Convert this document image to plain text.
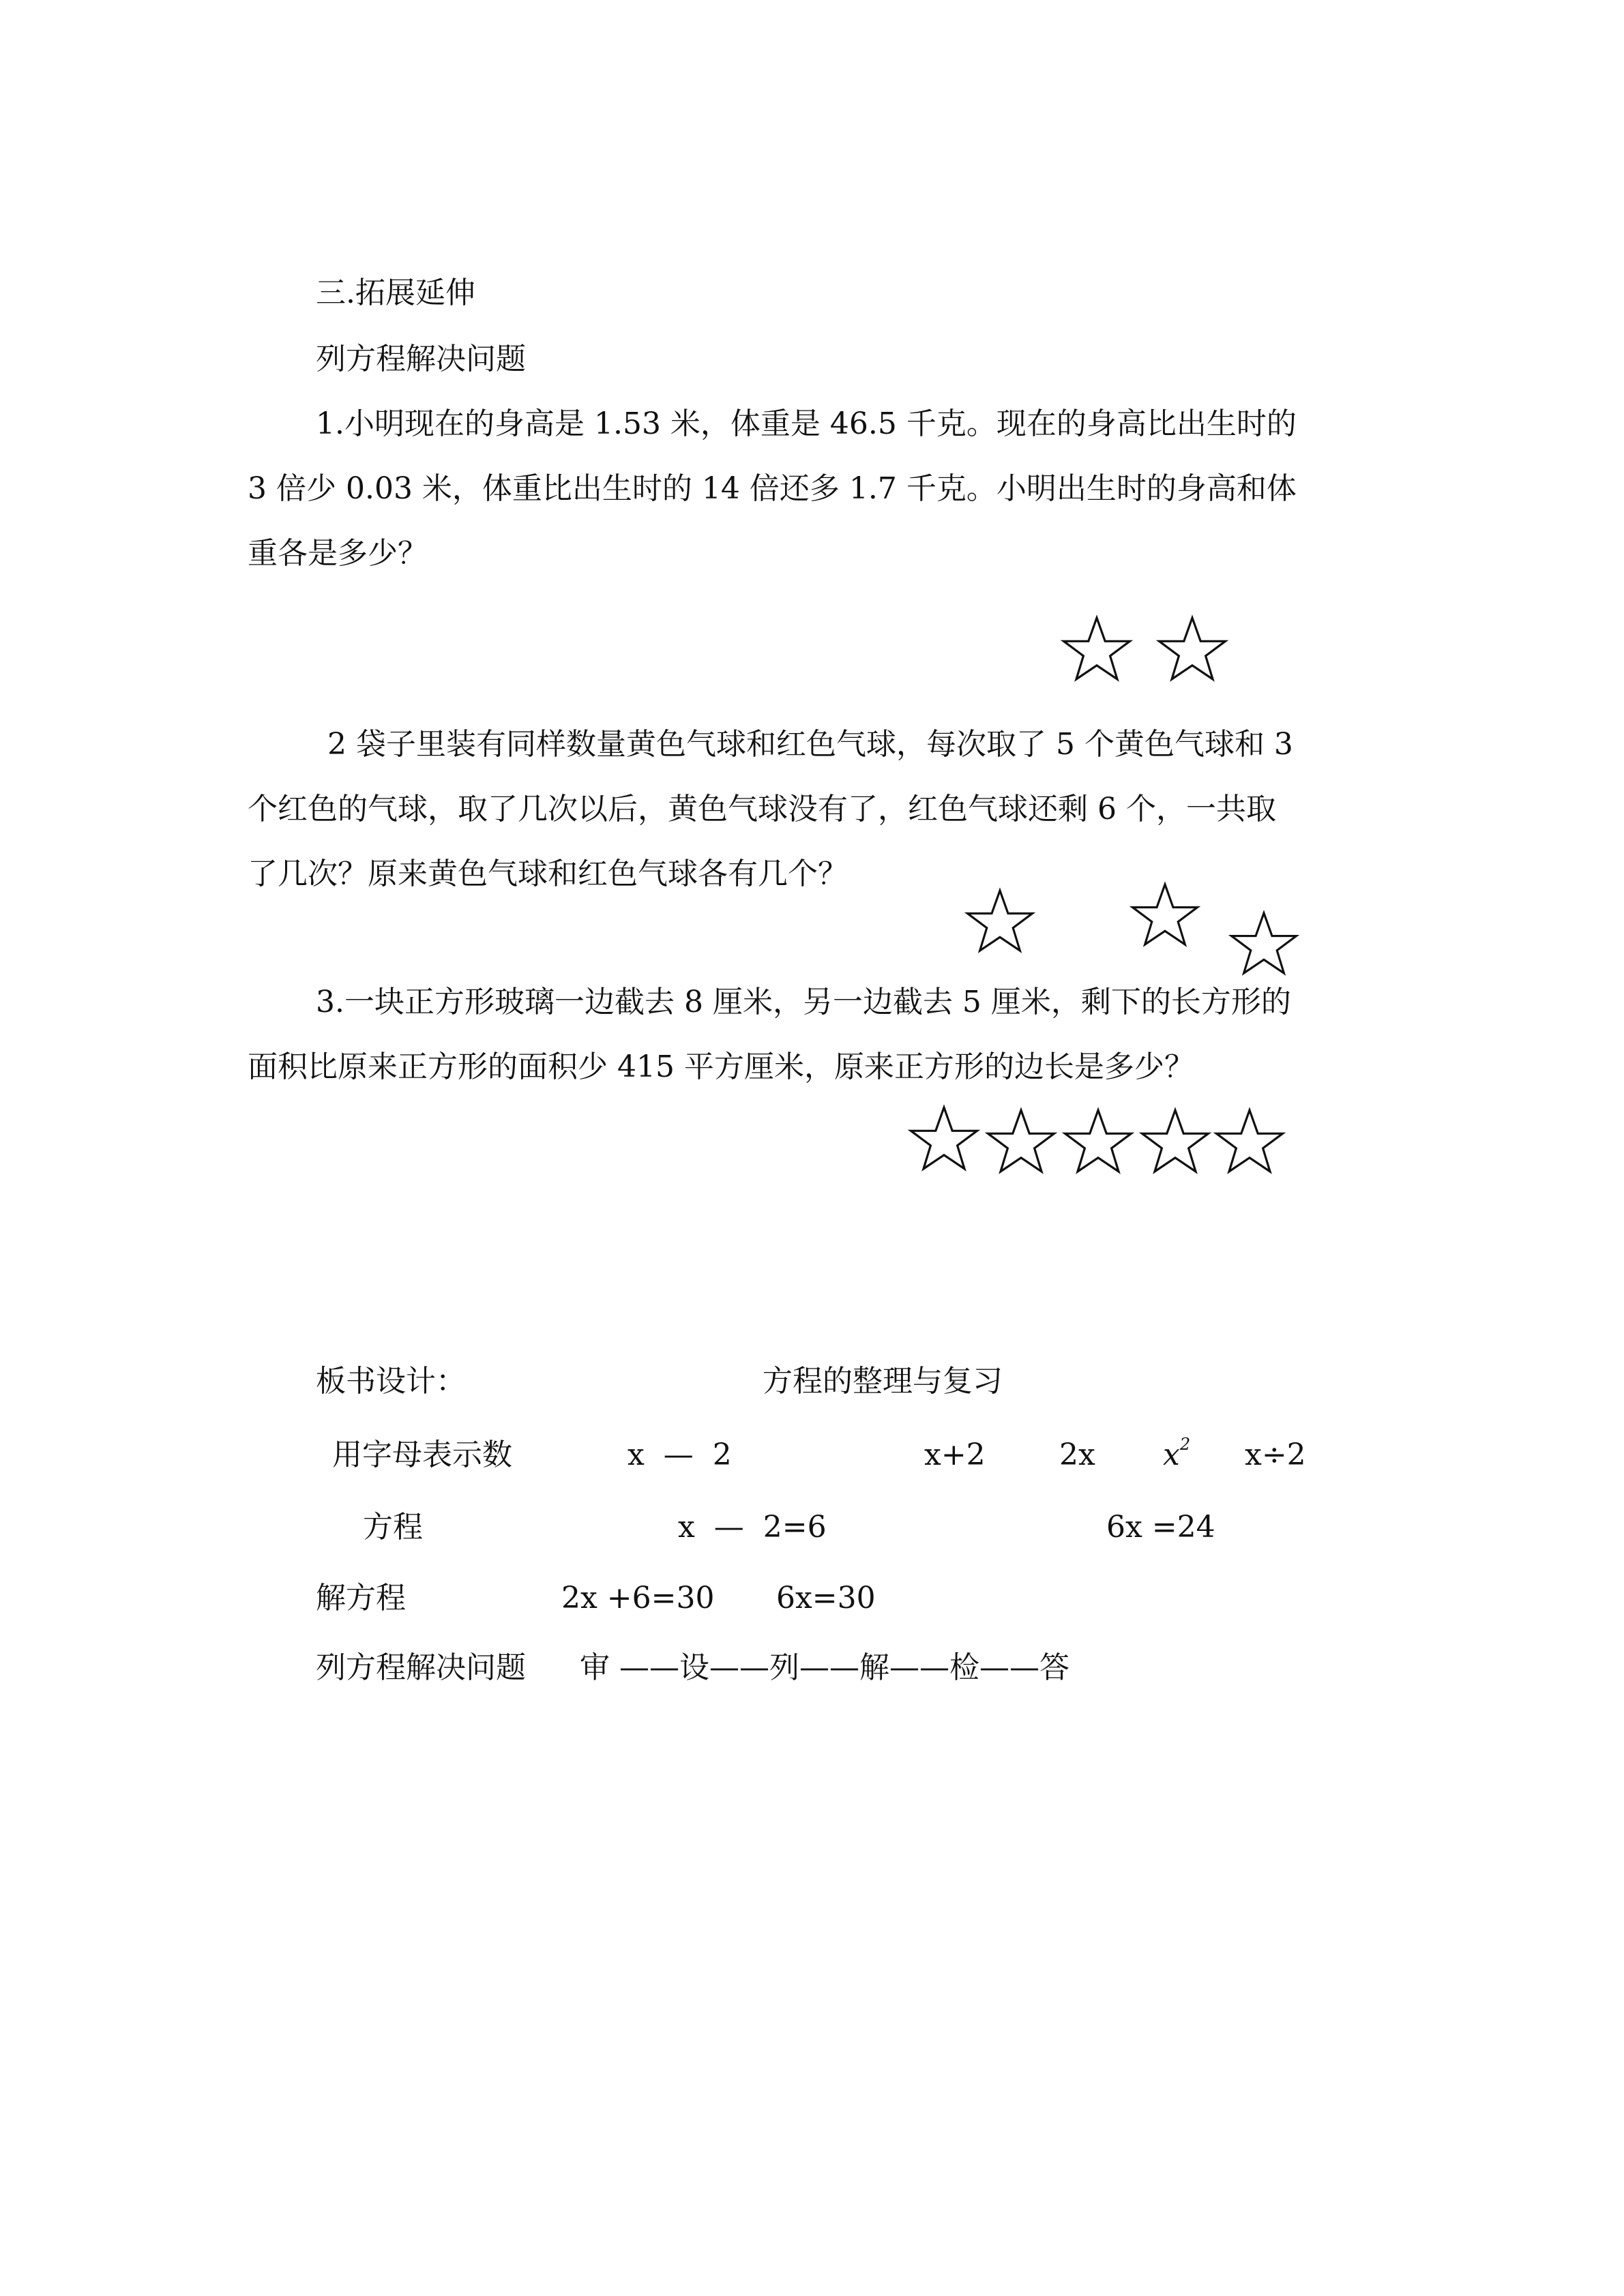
三.拓展延伸

列方程解决问题

1.小明现在的身高是 1.53 米，体重是 46.5 千克。现在的身高比出生时的

3 倍少 0.03 米，体重比出生时的 14 倍还多 1.7 千克。小明出生时的身高和体

重各是多少？

2 袋子里装有同样数量黄色气球和红色气球，每次取了 5 个黄色气球和 3

个红色的气球，取了几次以后，黄色气球没有了，红色气球还剩 6 个，一共取

了几次？原来黄色气球和红色气球各有几个？

3.一块正方形玻璃一边截去 8 厘米，另一边截去 5 厘米，剩下的长方形的

面积比原来正方形的面积少 415 平方厘米，原来正方形的边长是多少？

板书设计：	方程的整理与复习

用字母表示数	x — 2	x+2 2x $x^2$ x÷2

方程	x — 2=6	6x =24

解方程	2x +6=30 6x=30

列方程解决问题 审 ——设——列——解——检——答
